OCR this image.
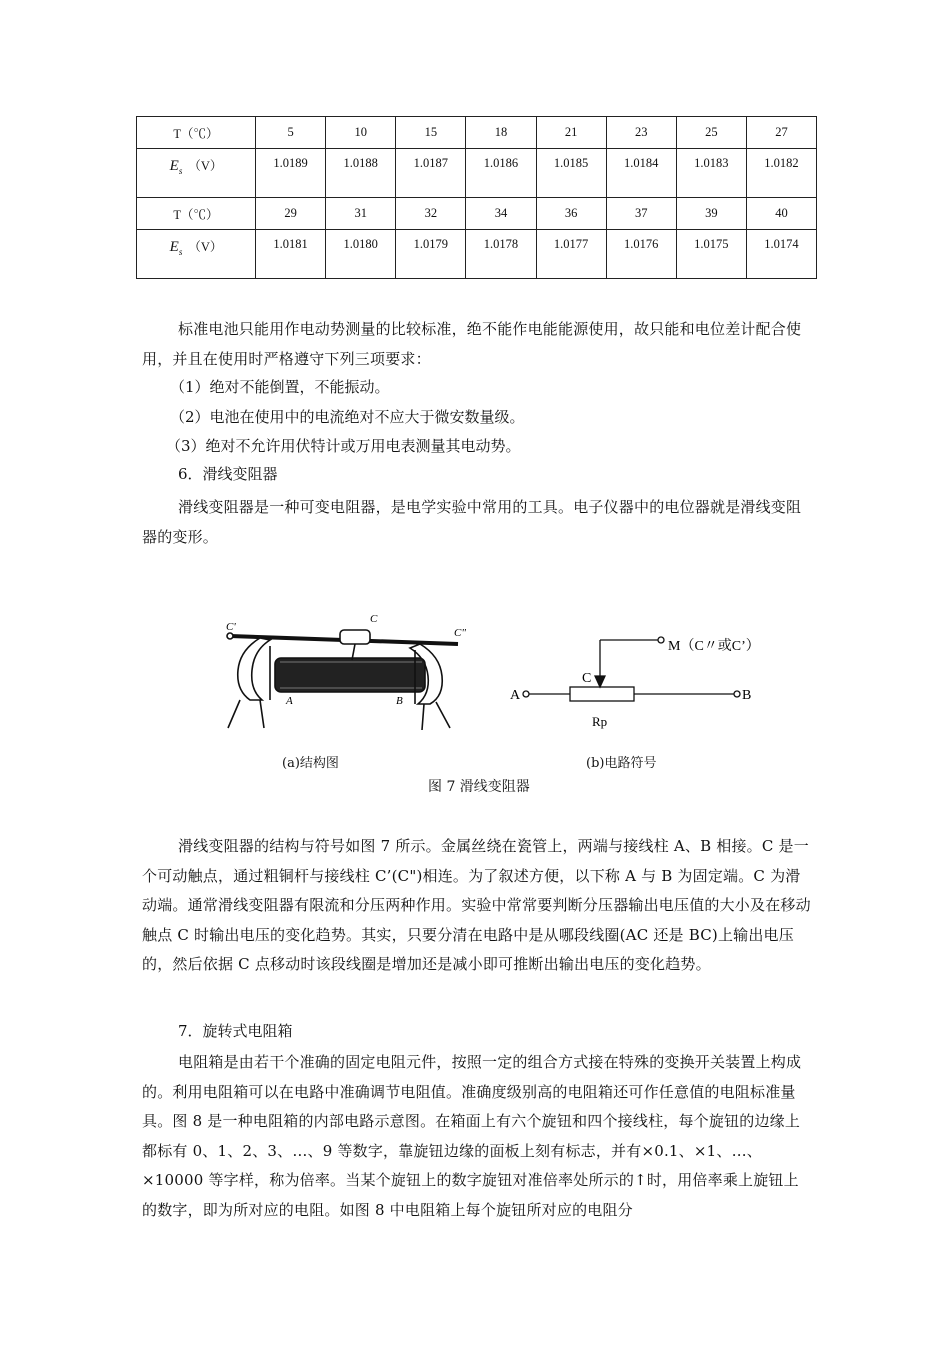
T（℃）	5	10	15	18	21	23	25	27
$E_s$ （V）	1.0189	1.0188	1.0187	1.0186	1.0185	1.0184	1.0183	1.0182
T（℃）	29	31	32	34	36	37	39	40
$E_s$ （V）	1.0181	1.0180	1.0179	1.0178	1.0177	1.0176	1.0175	1.0174
标准电池只能用作电动势测量的比较标准，绝不能作电能能源使用，故只能和电位差计配合使用，并且在使用时严格遵守下列三项要求：
（1）绝对不能倒置，不能振动。
（2）电池在使用中的电流绝对不应大于微安数量级。
（3）绝对不允许用伏特计或万用电表测量其电动势。
6．滑线变阻器
滑线变阻器是一种可变电阻器，是电学实验中常用的工具。电子仪器中的电位器就是滑线变阻器的变形。
C'
C
C"
A	B	A	B
C
M（C〃或C’）
Rp
(a)结构图	(b)电路符号
图 7 滑线变阻器
滑线变阻器的结构与符号如图 7 所示。金属丝绕在瓷管上，两端与接线柱 A、B 相接。C 是一个可动触点，通过粗铜杆与接线柱 C’(C")相连。为了叙述方便，以下称 A 与 B 为固定端。C 为滑动端。通常滑线变阻器有限流和分压两种作用。实验中常常要判断分压器输出电压值的大小及在移动触点 C 时输出电压的变化趋势。其实，只要分清在电路中是从哪段线圈(AC 还是 BC)上输出电压的，然后依据 C 点移动时该段线圈是增加还是减小即可推断出输出电压的变化趋势。
7．旋转式电阻箱
电阻箱是由若干个准确的固定电阻元件，按照一定的组合方式接在特殊的变换开关装置上构成的。利用电阻箱可以在电路中准确调节电阻值。准确度级别高的电阻箱还可作任意值的电阻标准量具。图 8 是一种电阻箱的内部电路示意图。在箱面上有六个旋钮和四个接线柱，每个旋钮的边缘上都标有 0、1、2、3、…、9 等数字，靠旋钮边缘的面板上刻有标志，并有×0.1、×1、…、×10000 等字样，称为倍率。当某个旋钮上的数字旋钮对准倍率处所示的↑时，用倍率乘上旋钮上的数字，即为所对应的电阻。如图 8 中电阻箱上每个旋钮所对应的电阻分
